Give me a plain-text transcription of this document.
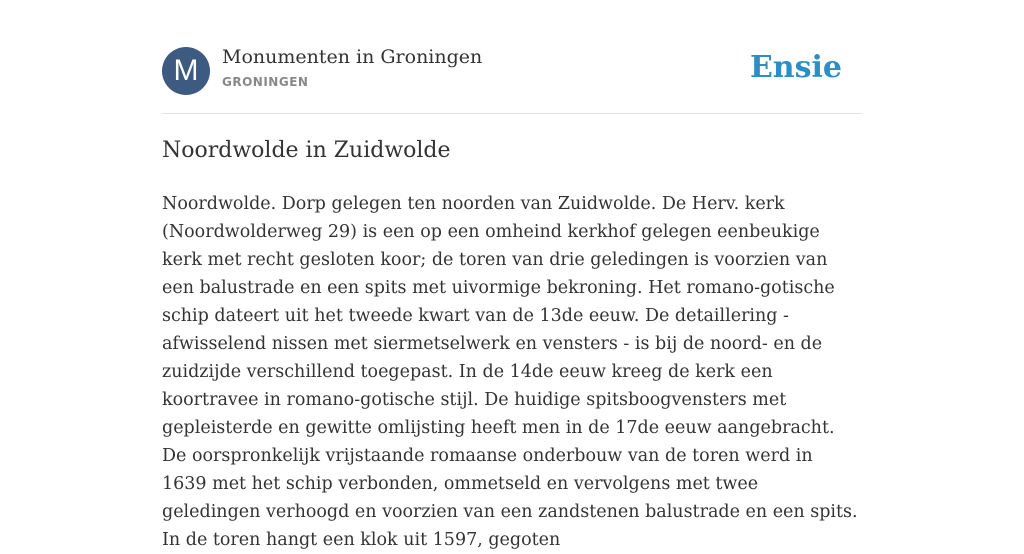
M	Monumenten in Groningen
GRONINGEN	Ensie
Noordwolde in Zuidwolde

Noordwolde. Dorp gelegen ten noorden van Zuidwolde. De Herv. kerk (Noordwolderweg 29) is een op een omheind kerkhof gelegen eenbeukige kerk met recht gesloten koor; de toren van drie geledingen is voorzien van een balustrade en een spits met uivormige bekroning. Het romano-gotische schip dateert uit het tweede kwart van de 13de eeuw. De detaillering - afwisselend nissen met siermetselwerk en vensters - is bij de noord- en de zuidzijde verschillend toegepast. In de 14de eeuw kreeg de kerk een koortravee in romano-gotische stijl. De huidige spitsboogvensters met gepleisterde en gewitte omlijsting heeft men in de 17de eeuw aangebracht. De oorspronkelijk vrijstaande romaanse onderbouw van de toren werd in 1639 met het schip verbonden, ommetseld en vervolgens met twee geledingen verhoogd en voorzien van een zandstenen balustrade en een spits. In de toren hangt een klok uit 1597, gegoten
